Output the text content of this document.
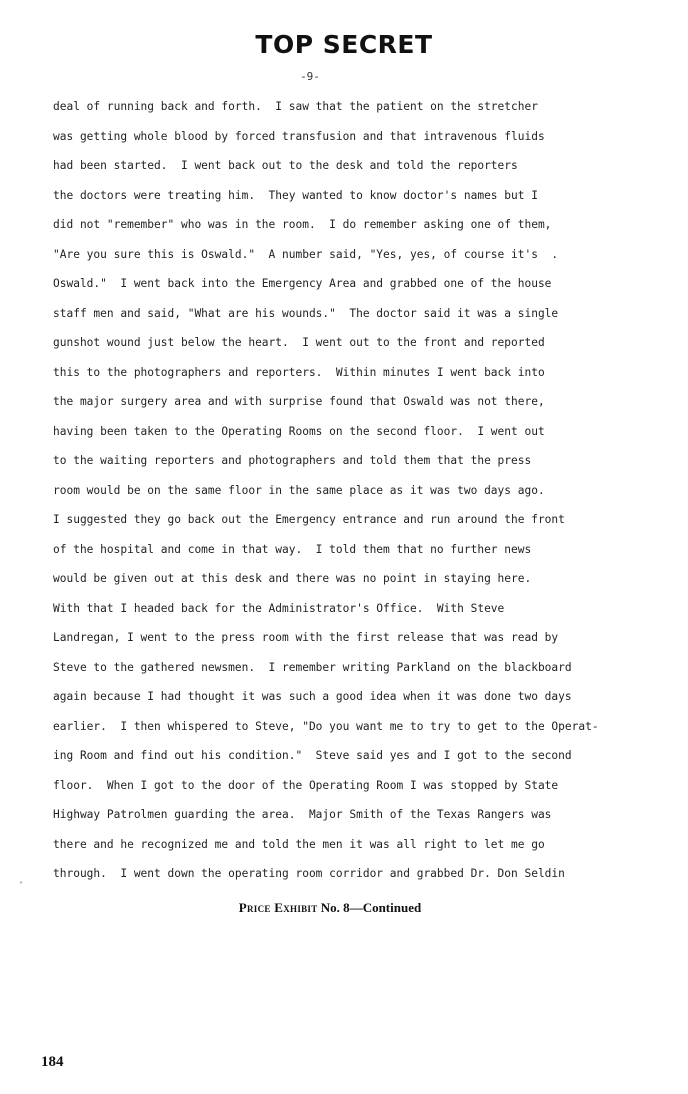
TOP SECRET
-9-
deal of running back and forth.  I saw that the patient on the stretcher
was getting whole blood by forced transfusion and that intravenous fluids
had been started.  I went back out to the desk and told the reporters
the doctors were treating him.  They wanted to know doctor's names but I
did not "remember" who was in the room.  I do remember asking one of them,
"Are you sure this is Oswald."  A number said, "Yes, yes, of course it's  .
Oswald."  I went back into the Emergency Area and grabbed one of the house
staff men and said, "What are his wounds."  The doctor said it was a single
gunshot wound just below the heart.  I went out to the front and reported
this to the photographers and reporters.  Within minutes I went back into
the major surgery area and with surprise found that Oswald was not there,
having been taken to the Operating Rooms on the second floor.  I went out
to the waiting reporters and photographers and told them that the press
room would be on the same floor in the same place as it was two days ago.
I suggested they go back out the Emergency entrance and run around the front
of the hospital and come in that way.  I told them that no further news
would be given out at this desk and there was no point in staying here.
With that I headed back for the Administrator's Office.  With Steve
Landregan, I went to the press room with the first release that was read by
Steve to the gathered newsmen.  I remember writing Parkland on the blackboard
again because I had thought it was such a good idea when it was done two days
earlier.  I then whispered to Steve, "Do you want me to try to get to the Operat-
ing Room and find out his condition."  Steve said yes and I got to the second
floor.  When I got to the door of the Operating Room I was stopped by State
Highway Patrolmen guarding the area.  Major Smith of the Texas Rangers was
there and he recognized me and told the men it was all right to let me go
through.  I went down the operating room corridor and grabbed Dr. Don Seldin
⸴
Price Exhibit No. 8—Continued
184
